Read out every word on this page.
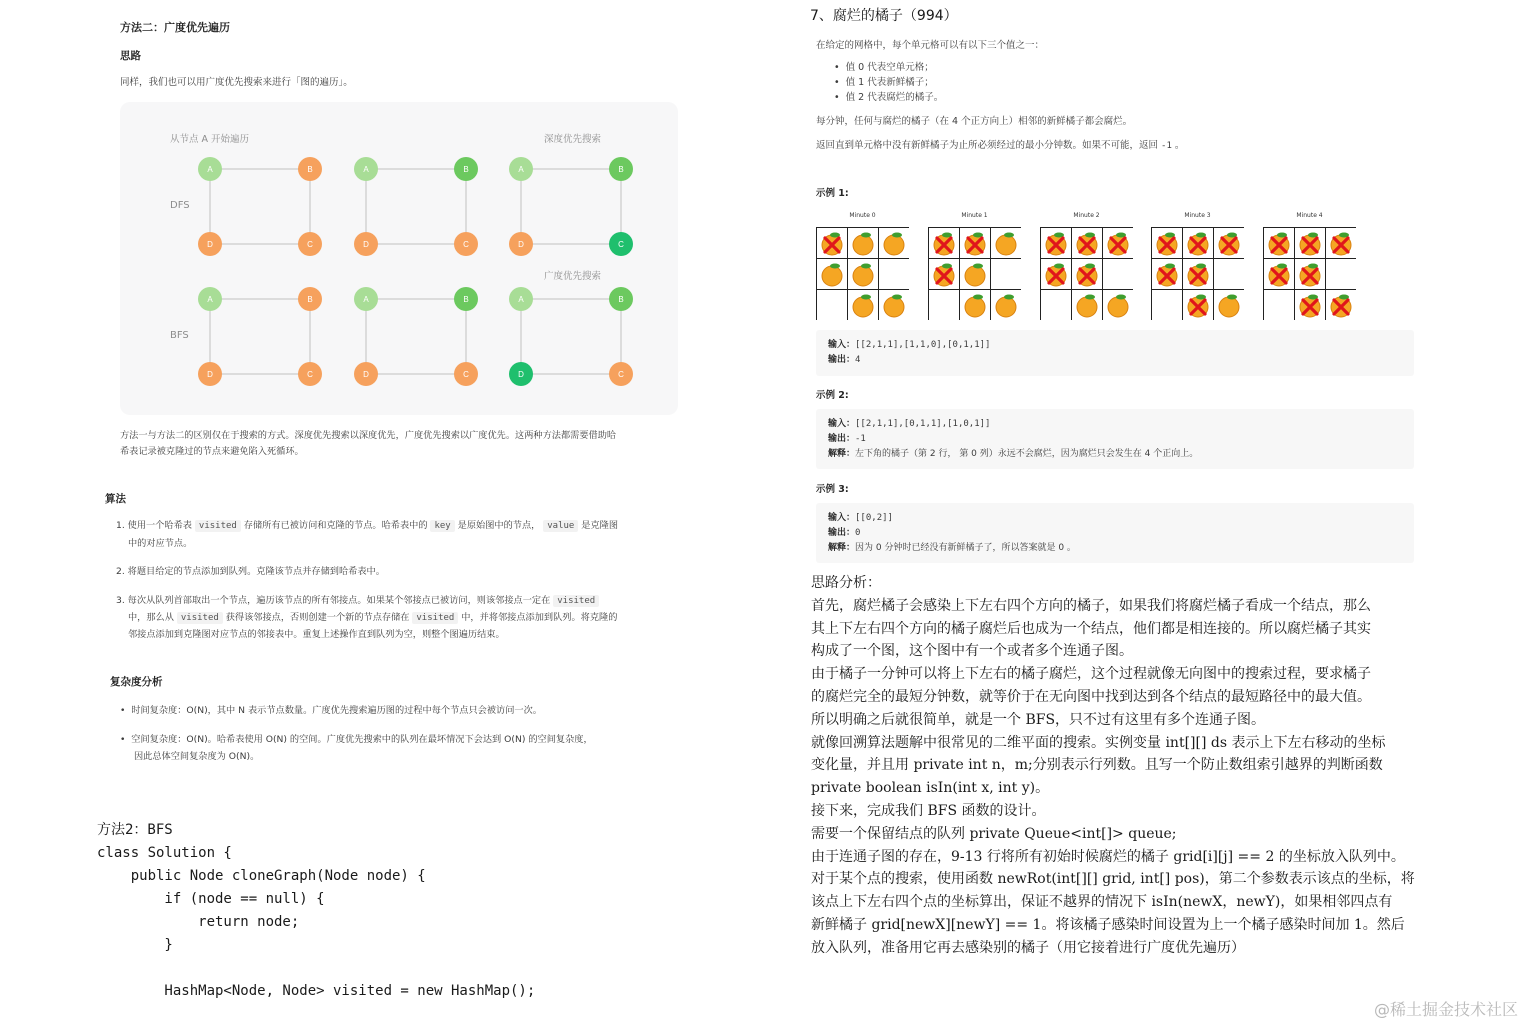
方法二：广度优先遍历
思路
同样，我们也可以用广度优先搜索来进行「图的遍历」。
A	B
C
D
A	B
C
D
A	B
C
D
A	B
C
D
A	B
C
D
A	B
C
D
从节点 A 开始遍历	深度优先搜索
广度优先搜索
DFS
BFS
方法一与方法二的区别仅在于搜索的方式。深度优先搜索以深度优先，广度优先搜索以广度优先。这两种方法都需要借助哈
希表记录被克隆过的节点来避免陷入死循环。
算法
1. 使用一个哈希表 visited 存储所有已被访问和克隆的节点。哈希表中的 key 是原始图中的节点， value 是克隆图
中的对应节点。
2. 将题目给定的节点添加到队列。克隆该节点并存储到哈希表中。
3. 每次从队列首部取出一个节点，遍历该节点的所有邻接点。如果某个邻接点已被访问，则该邻接点一定在 visited
中，那么从 visited 获得该邻接点，否则创建一个新的节点存储在 visited 中，并将邻接点添加到队列。将克隆的
邻接点添加到克隆图对应节点的邻接表中。重复上述操作直到队列为空，则整个图遍历结束。
复杂度分析
•  时间复杂度：O(N)，其中 N 表示节点数量。广度优先搜索遍历图的过程中每个节点只会被访问一次。
•  空间复杂度：O(N)。哈希表使用 O(N) 的空间。广度优先搜索中的队列在最坏情况下会达到 O(N) 的空间复杂度，
因此总体空间复杂度为 O(N)。

方法2：BFS
class Solution {
public Node cloneGraph(Node node) {
if (node == null) {
return node;
}
HashMap<Node, Node> visited = new HashMap();

7、腐烂的橘子（994）
在给定的网格中，每个单元格可以有以下三个值之一：
•  值 0 代表空单元格；
•  值 1 代表新鲜橘子；
•  值 2 代表腐烂的橘子。
每分钟，任何与腐烂的橘子（在 4 个正方向上）相邻的新鲜橘子都会腐烂。
返回直到单元格中没有新鲜橘子为止所必须经过的最小分钟数。如果不可能，返回 -1 。
示例 1:
Minute 0	Minute 1	Minute 2	Minute 3	Minute 4
输入：[[2,1,1],[1,1,0],[0,1,1]]
输出：4
示例 2:
输入：[[2,1,1],[0,1,1],[1,0,1]]
输出：-1
解释：左下角的橘子（第 2 行， 第 0 列）永远不会腐烂，因为腐烂只会发生在 4 个正向上。
示例 3:
输入：[[0,2]]
输出：0
解释：因为 0 分钟时已经没有新鲜橘子了，所以答案就是 0 。
思路分析：
首先，腐烂橘子会感染上下左右四个方向的橘子，如果我们将腐烂橘子看成一个结点，那么
其上下左右四个方向的橘子腐烂后也成为一个结点，他们都是相连接的。所以腐烂橘子其实
构成了一个图，这个图中有一个或者多个连通子图。
由于橘子一分钟可以将上下左右的橘子腐烂，这个过程就像无向图中的搜索过程，要求橘子
的腐烂完全的最短分钟数，就等价于在无向图中找到达到各个结点的最短路径中的最大值。
所以明确之后就很简单，就是一个 BFS，只不过有这里有多个连通子图。
就像回溯算法题解中很常见的二维平面的搜索。实例变量 int[][] ds 表示上下左右移动的坐标
变化量，并且用 private int n，m;分别表示行列数。且写一个防止数组索引越界的判断函数
private boolean isIn(int x, int y)。
接下来，完成我们 BFS 函数的设计。
需要一个保留结点的队列 private Queue<int[]> queue;
由于连通子图的存在，9-13 行将所有初始时候腐烂的橘子 grid[i][j] == 2 的坐标放入队列中。
对于某个点的搜索，使用函数 newRot(int[][] grid, int[] pos)，第二个参数表示该点的坐标，将
该点上下左右四个点的坐标算出，保证不越界的情况下 isIn(newX，newY)，如果相邻四点有
新鲜橘子 grid[newX][newY] == 1。将该橘子感染时间设置为上一个橘子感染时间加 1。然后
放入队列，准备用它再去感染别的橘子（用它接着进行广度优先遍历）
@稀土掘金技术社区
